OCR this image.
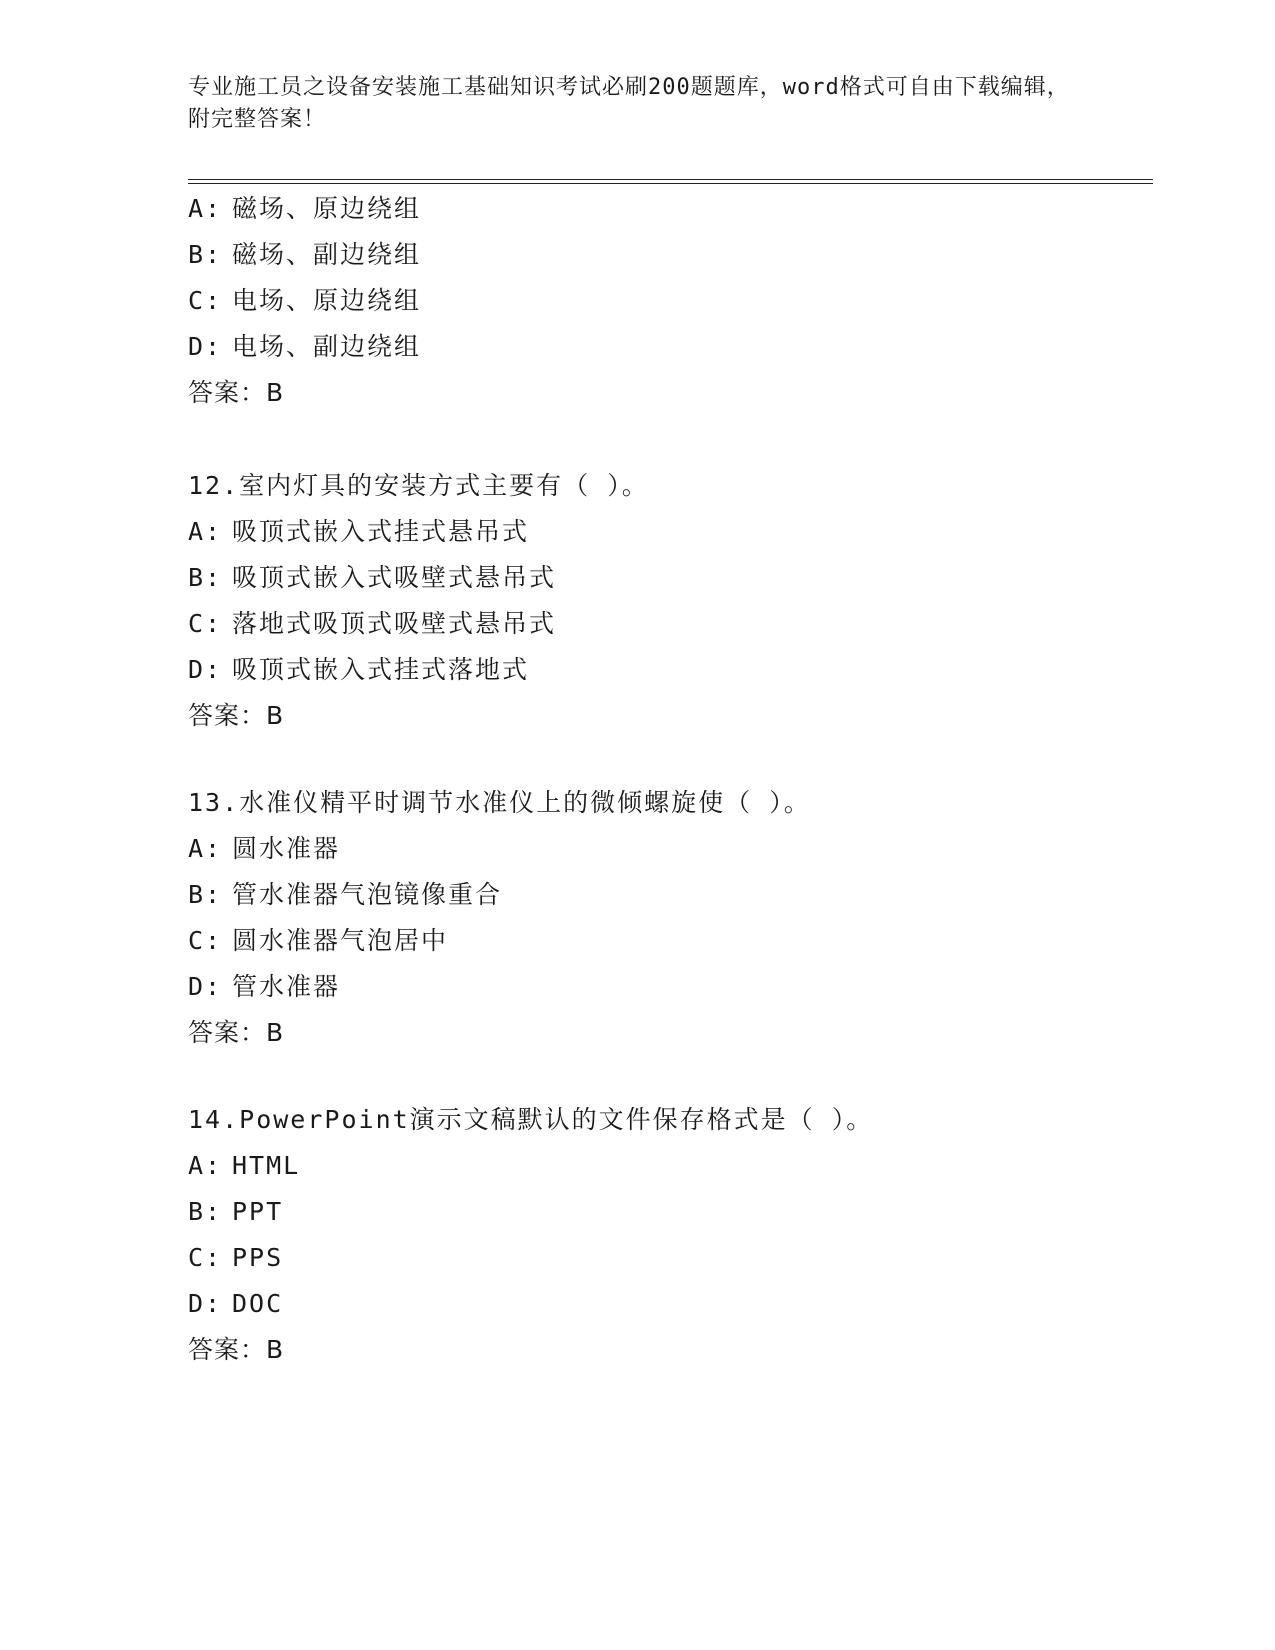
专业施工员之设备安装施工基础知识考试必刷200题题库，word格式可自由下载编辑，附完整答案！
A: 磁场、原边绕组
B: 磁场、副边绕组
C: 电场、原边绕组
D: 电场、副边绕组
答案：B
12.室内灯具的安装方式主要有（ ）。
A: 吸顶式嵌入式挂式悬吊式
B: 吸顶式嵌入式吸壁式悬吊式
C: 落地式吸顶式吸壁式悬吊式
D: 吸顶式嵌入式挂式落地式
答案：B
13.水准仪精平时调节水准仪上的微倾螺旋使（ ）。
A: 圆水准器
B: 管水准器气泡镜像重合
C: 圆水准器气泡居中
D: 管水准器
答案：B
14.PowerPoint演示文稿默认的文件保存格式是（ ）。
A: HTML
B: PPT
C: PPS
D: DOC
答案：B
